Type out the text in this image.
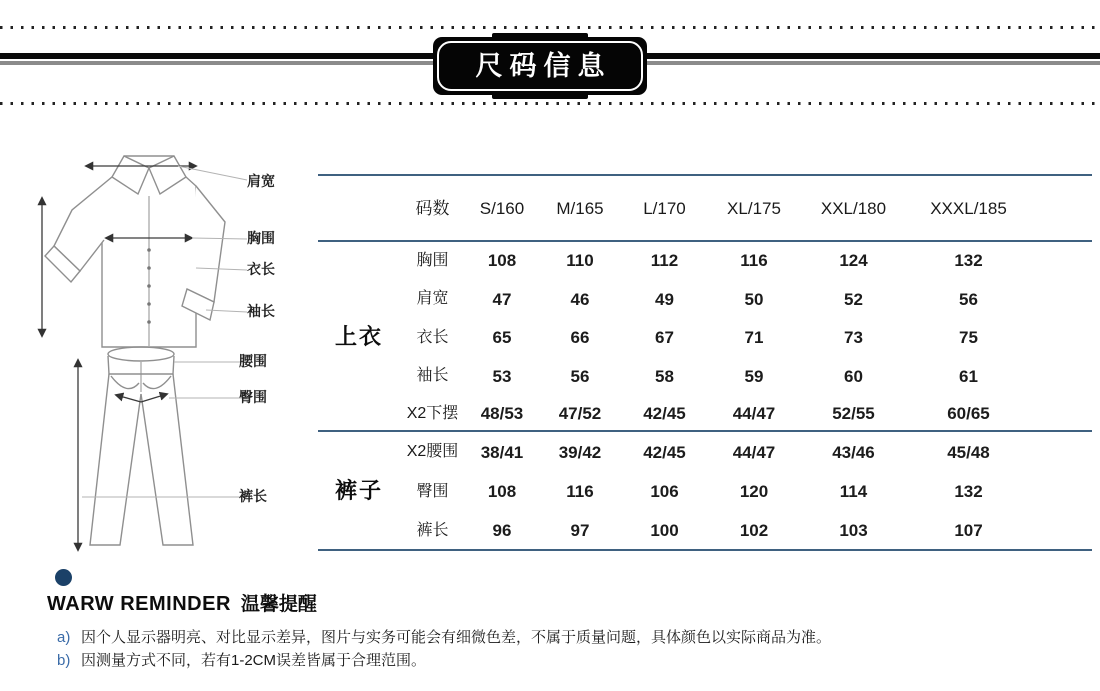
尺码信息
肩宽
胸围
衣长
袖长
腰围
臀围
裤长
	码数	S/160	M/165	L/170	XL/175	XXL/180	XXXL/185
上衣	胸围	108	110	112	116	124	132
	肩宽	47	46	49	50	52	56
	衣长	65	66	67	71	73	75
	袖长	53	56	58	59	60	61
	X2下摆	48/53	47/52	42/45	44/47	52/55	60/65
裤子	X2腰围	38/41	39/42	42/45	44/47	43/46	45/48
	臀围	108	116	106	120	114	132
	裤长	96	97	100	102	103	107
WARW REMINDER 温馨提醒
a) 因个人显示器明亮、对比显示差异，图片与实务可能会有细微色差，不属于质量问题，具体颜色以实际商品为准。
b) 因测量方式不同，若有1-2CM误差皆属于合理范围。
